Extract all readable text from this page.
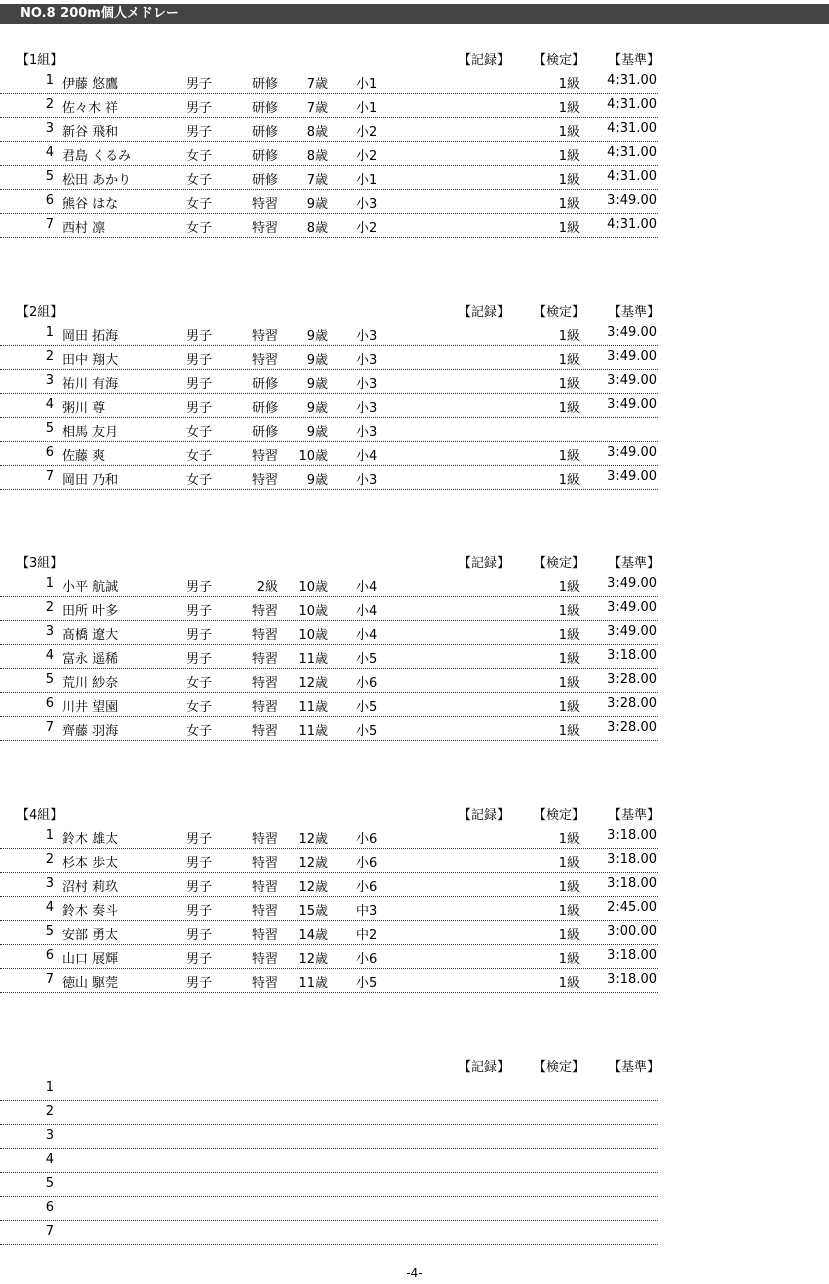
NO.8 200m個人メドレー
【1組】	【記録】 【検定】 【基準】
1 伊藤 悠鷹	男子	研修	7歳 小1	1級	4:31.00
2 佐々木 祥	男子	研修	7歳 小1	1級	4:31.00
3 新谷 飛和	男子	研修	8歳 小2	1級	4:31.00
4 君島 くるみ	女子	研修	8歳 小2	1級	4:31.00
5 松田 あかり	女子	研修	7歳 小1	1級	4:31.00
6 熊谷 はな	女子	特習	9歳 小3	1級	3:49.00
7 西村 凛	女子	特習	8歳 小2	1級	4:31.00
【2組】	【記録】 【検定】 【基準】
1 岡田 拓海	男子	特習	9歳 小3	1級	3:49.00
2 田中 翔大	男子	特習	9歳 小3	1級	3:49.00
3 祐川 有海	男子	研修	9歳 小3	1級	3:49.00
4 粥川 尊	男子	研修	9歳 小3	1級	3:49.00
5 相馬 友月	女子	研修	9歳 小3
6 佐藤 爽	女子	特習	10歳 小4	1級	3:49.00
7 岡田 乃和	女子	特習	9歳 小3	1級	3:49.00
【3組】	【記録】 【検定】 【基準】
1 小平 航誠	男子	2級	10歳 小4	1級	3:49.00
2 田所 叶多	男子	特習	10歳 小4	1級	3:49.00
3 髙橋 遼大	男子	特習	10歳 小4	1級	3:49.00
4 富永 遥稀	男子	特習	11歳 小5	1級	3:18.00
5 荒川 紗奈	女子	特習	12歳 小6	1級	3:28.00
6 川井 望園	女子	特習	11歳 小5	1級	3:28.00
7 齊藤 羽海	女子	特習	11歳 小5	1級	3:28.00
【4組】	【記録】 【検定】 【基準】
1 鈴木 雄太	男子	特習	12歳 小6	1級	3:18.00
2 杉本 歩太	男子	特習	12歳 小6	1級	3:18.00
3 沼村 莉玖	男子	特習	12歳 小6	1級	3:18.00
4 鈴木 奏斗	男子	特習	15歳 中3	1級	2:45.00
5 安部 勇太	男子	特習	14歳 中2	1級	3:00.00
6 山口 展輝	男子	特習	12歳 小6	1級	3:18.00
7 徳山 駆莞	男子	特習	11歳 小5	1級	3:18.00
【記録】 【検定】 【基準】
1
2
3
4
5
6
7
-4-
